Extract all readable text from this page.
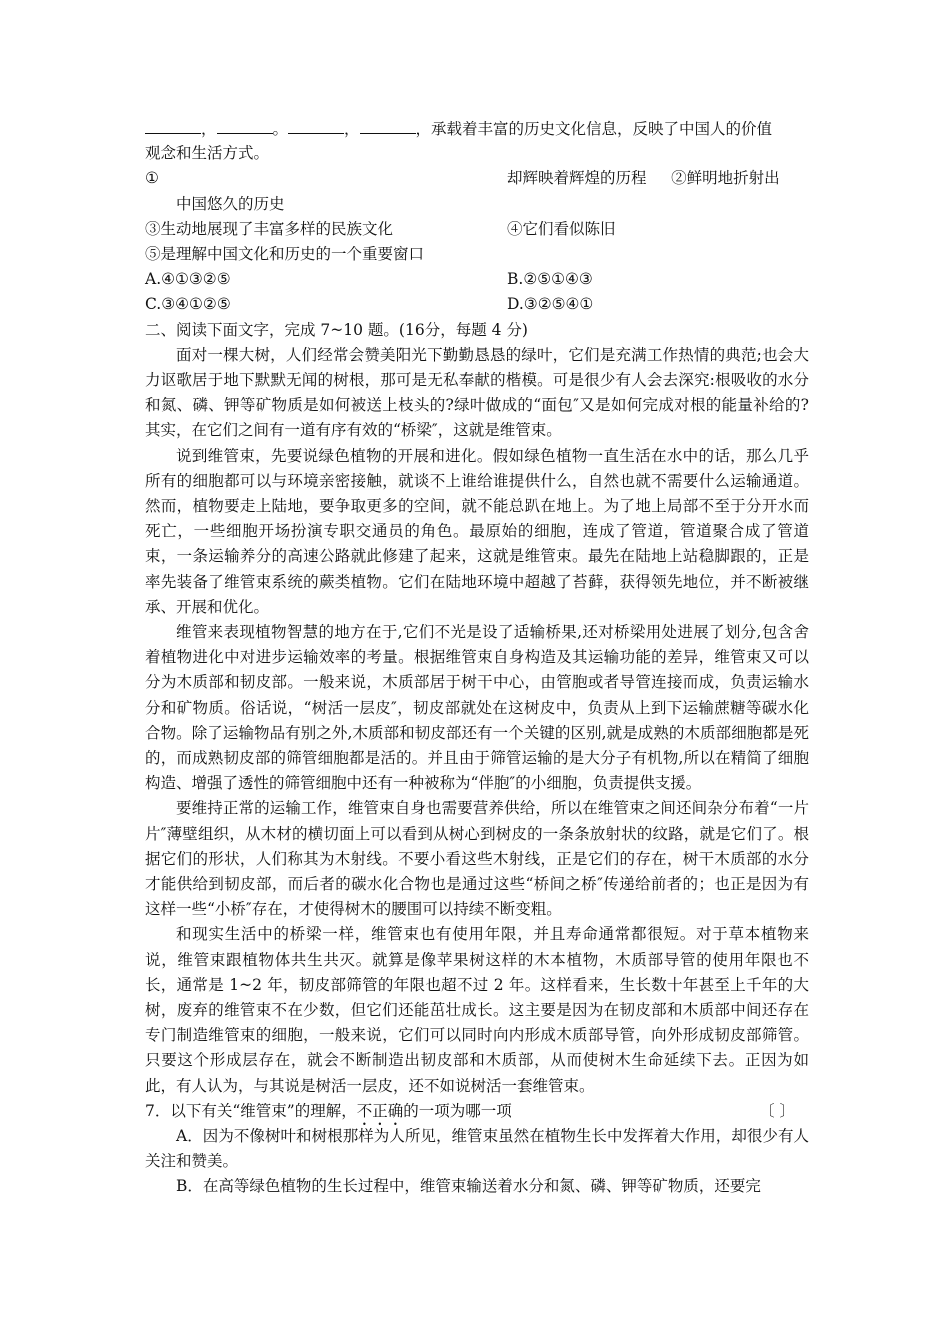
，	。	，	，承载着丰富的历史文化信息，反映了中国人的价值
观念和生活方式。
①	却辉映着辉煌的历程 ②鲜明地折射出
中国悠久的历史
③生动地展现了丰富多样的民族文化	④它们看似陈旧
⑤是理解中国文化和历史的一个重要窗口
A.④①③②⑤	B.②⑤①④③
C.③④①②⑤	D.③②⑤④①
二、阅读下面文字，完成 7~10 题。(16分，每题 4 分)

面对一棵大树，人们经常会赞美阳光下勤勤恳恳的绿叶，它们是充满工作热情的典范;也会大力讴歌居于地下默默无闻的树根，那可是无私奉献的楷模。可是很少有人会去深究:根吸收的水分和氮、磷、钾等矿物质是如何被送上枝头的?绿叶做成的“面包″又是如何完成对根的能量补给的?其实，在它们之间有一道有序有效的“桥梁″，这就是维管束。

说到维管束，先要说绿色植物的开展和进化。假如绿色植物一直生活在水中的话，那么几乎所有的细胞都可以与环境亲密接触，就谈不上谁给谁提供什么，自然也就不需要什么运输通道。然而，植物要走上陆地，要争取更多的空间，就不能总趴在地上。为了地上局部不至于分开水而死亡，一些细胞开场扮演专职交通员的角色。最原始的细胞，连成了管道，管道聚合成了管道束，一条运输养分的高速公路就此修建了起来，这就是维管束。最先在陆地上站稳脚跟的，正是率先装备了维管束系统的蕨类植物。它们在陆地环境中超越了苔藓，获得领先地位，并不断被继承、开展和优化。

维管来表现植物智慧的地方在于,它们不光是设了适输桥果,还对桥梁用处进展了划分,包含舍着植物进化中对进步运输效率的考量。根据维管束自身构造及其运输功能的差异，维管束又可以分为木质部和韧皮部。一般来说，木质部居于树干中心，由管胞或者导管连接而成，负责运输水分和矿物质。俗话说，“树活一层皮″，韧皮部就处在这树皮中，负责从上到下运输蔗糖等碳水化合物。除了运输物品有别之外,木质部和韧皮部还有一个关键的区别,就是成熟的木质部细胞都是死的，而成熟韧皮部的筛管细胞都是活的。并且由于筛管运输的是大分子有机物,所以在精简了细胞构造、增强了透性的筛管细胞中还有一种被称为“伴胞″的小细胞，负责提供支援。

要维持正常的运输工作，维管束自身也需要营养供给，所以在维管束之间还间杂分布着“一片片″薄壁组织，从木材的横切面上可以看到从树心到树皮的一条条放射状的纹路，就是它们了。根据它们的形状，人们称其为木射线。不要小看这些木射线，正是它们的存在，树干木质部的水分才能供给到韧皮部，而后者的碳水化合物也是通过这些“桥间之桥″传递给前者的；也正是因为有这样一些“小桥″存在，才使得树木的腰围可以持续不断变粗。

和现实生活中的桥梁一样，维管束也有使用年限，并且寿命通常都很短。对于草本植物来说，维管束跟植物体共生共灭。就算是像苹果树这样的木本植物，木质部导管的使用年限也不长，通常是 1~2 年，韧皮部筛管的年限也超不过 2 年。这样看来，生长数十年甚至上千年的大树，废弃的维管束不在少数，但它们还能茁壮成长。这主要是因为在韧皮部和木质部中间还存在专门制造维管束的细胞，一般来说，它们可以同时向内形成木质部导管，向外形成韧皮部筛管。只要这个形成层存在，就会不断制造出韧皮部和木质部，从而使树木生命延续下去。正因为如此，有人认为，与其说是树活一层皮，还不如说树活一套维管束。

7．以下有关“维管束”的理解，不正确的一项为哪一项	〔 〕

A．因为不像树叶和树根那样为人所见，维管束虽然在植物生长中发挥着大作用，却很少有人关注和赞美。

B．在高等绿色植物的生长过程中，维管束输送着水分和氮、磷、钾等矿物质，还要完
